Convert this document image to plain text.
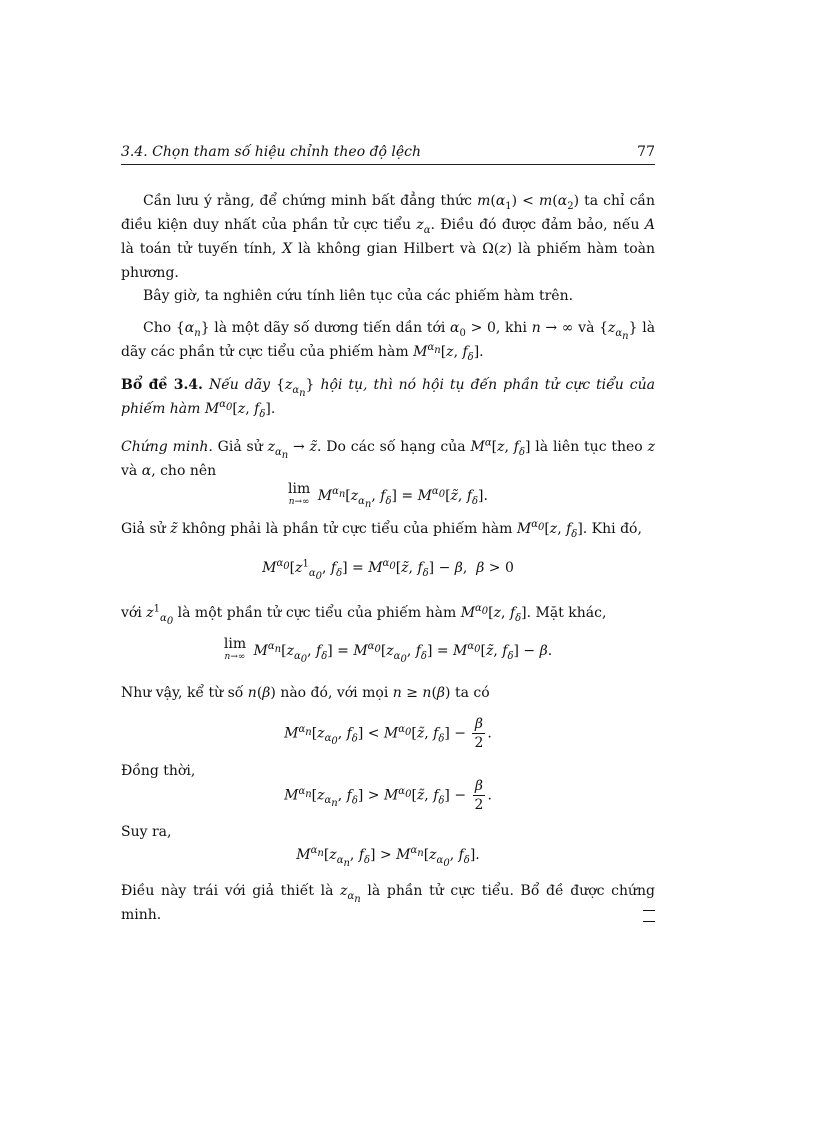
3.4. Chọn tham số hiệu chỉnh theo độ lệch	77
Cần lưu ý rằng, để chứng minh bất đẳng thức $m(\alpha_1) < m(\alpha_2)$ ta chỉ cần điều kiện duy nhất của phần tử cực tiểu $z_\alpha$. Điều đó được đảm bảo, nếu A là toán tử tuyến tính, X là không gian Hilbert và Ω(z) là phiếm hàm toàn phương.
Bây giờ, ta nghiên cứu tính liên tục của các phiếm hàm trên.
Cho $\{\alpha_n\}$ là một dãy số dương tiến dần tới $\alpha_0 > 0$, khi n → ∞ và $\{z_{\alpha_n}\}$ là dãy các phần tử cực tiểu của phiếm hàm $M^{\alpha_n}[z$, $f_\delta$].
Bổ đề 3.4. Nếu dãy $\{z_{\alpha_n}\}$ hội tụ, thì nó hội tụ đến phần tử cực tiểu của phiếm hàm $M^{\alpha_0}[z$, $f_\delta$].
Chứng minh. Giả sử $z_{\alpha_n}$ → z̃. Do các số hạng của $M^\alpha[z$, $f_\delta$] là liên tục theo z và α, cho nên
lim
n→∞ $M^{\alpha_n}[z_{\alpha_n}$, $f_\delta$] = $M^{\alpha_0}[z̃$, $f_\delta$].
Giả sử z̃ không phải là phần tử cực tiểu của phiếm hàm $M^{\alpha_0}[z$, $f_\delta$]. Khi đó,
$M^{\alpha_0}[z^1_{\alpha_0}$, $f_\delta$] = $M^{\alpha_0}[z̃$, $f_\delta] - \beta$,  β > 0
với $z^1_{\alpha_0}$ là một phần tử cực tiểu của phiếm hàm $M^{\alpha_0}[z$, $f_\delta$]. Mặt khác,
lim
n→∞ $M^{\alpha_n}[z_{\alpha_0}$, $f_\delta] = M^{\alpha_0}[z_{\alpha_0}$, $f_\delta$] = $M^{\alpha_0}[z̃$, $f_\delta] - \beta$.
Như vậy, kể từ số n(β) nào đó, với mọi n ≥ n(β) ta có
$M^{\alpha_n}[z_{\alpha_0}$, $f_\delta$] < $M^{\alpha_0}[z̃$, $f_\delta] - \frac{\beta}{2}$ .
Đồng thời,
$M^{\alpha_n}[z_{\alpha_n}$, $f_\delta$] > $M^{\alpha_0}[z̃$, $f_\delta] - \frac{\beta}{2}$ .
Suy ra,
$M^{\alpha_n}[z_{\alpha_n}$, $f_\delta] > M^{\alpha_n}[z_{\alpha_0}$, $f_\delta$].
Điều này trái với giả thiết là $z_{\alpha_n}$ là phần tử cực tiểu. Bổ đề được chứng minh.
